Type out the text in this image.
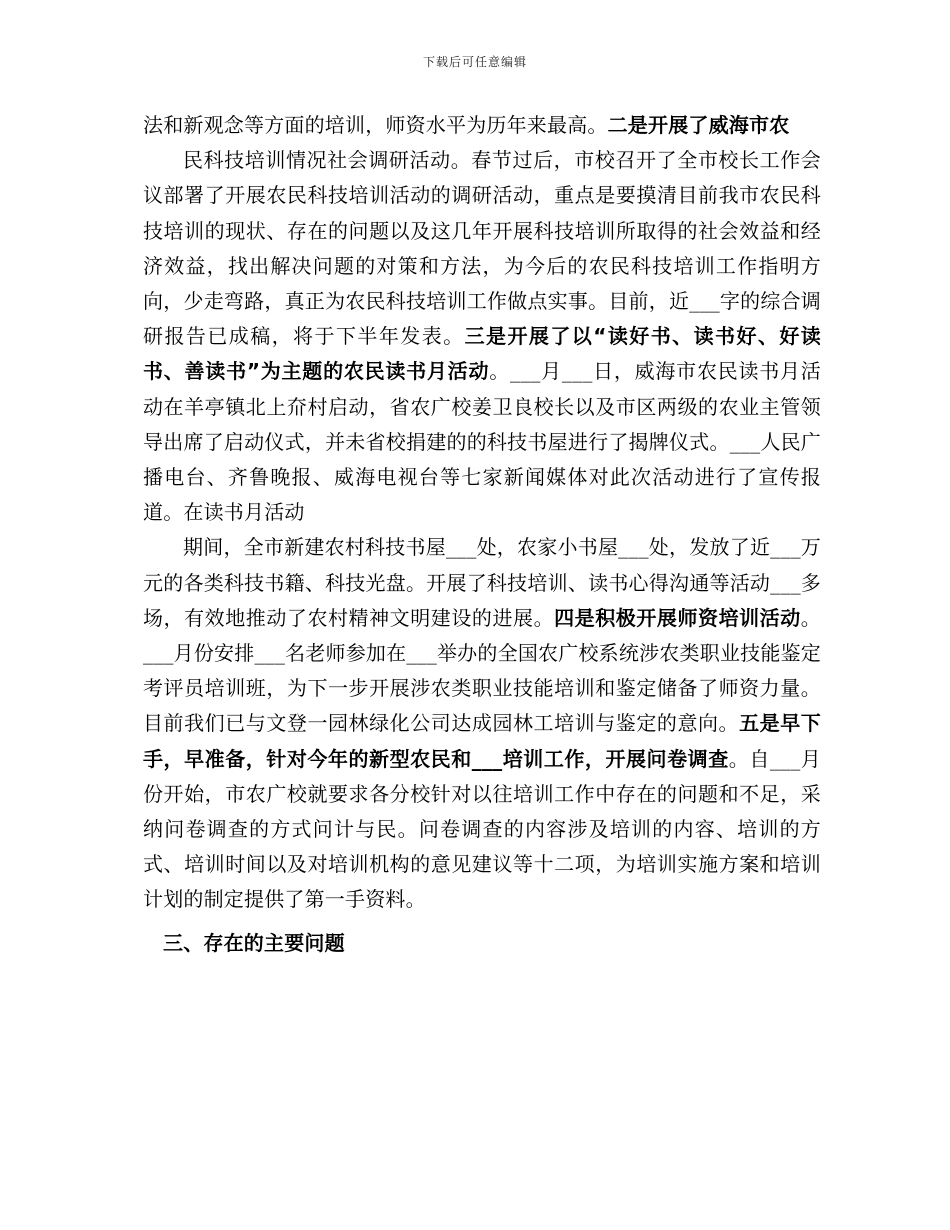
下载后可任意编辑

法和新观念等方面的培训，师资水平为历年来最高。二是开展了威海市农

民科技培训情况社会调研活动。春节过后，市校召开了全市校长工作会议部署了开展农民科技培训活动的调研活动，重点是要摸清目前我市农民科技培训的现状、存在的问题以及这几年开展科技培训所取得的社会效益和经济效益，找出解决问题的对策和方法，为今后的农民科技培训工作指明方向，少走弯路，真正为农民科技培训工作做点实事。目前，近___字的综合调研报告已成稿，将于下半年发表。三是开展了以“读好书、读书好、好读书、善读书”为主题的农民读书月活动。___月___日，威海市农民读书月活动在羊亭镇北上夼村启动，省农广校姜卫良校长以及市区两级的农业主管领导出席了启动仪式，并未省校捐建的的科技书屋进行了揭牌仪式。___人民广播电台、齐鲁晚报、威海电视台等七家新闻媒体对此次活动进行了宣传报道。在读书月活动

期间，全市新建农村科技书屋___处，农家小书屋___处，发放了近___万元的各类科技书籍、科技光盘。开展了科技培训、读书心得沟通等活动___多场，有效地推动了农村精神文明建设的进展。四是积极开展师资培训活动。___月份安排___名老师参加在___举办的全国农广校系统涉农类职业技能鉴定考评员培训班，为下一步开展涉农类职业技能培训和鉴定储备了师资力量。目前我们已与文登一园林绿化公司达成园林工培训与鉴定的意向。五是早下手，早准备，针对今年的新型农民和___培训工作，开展问卷调查。自___月份开始，市农广校就要求各分校针对以往培训工作中存在的问题和不足，采纳问卷调查的方式问计与民。问卷调查的内容涉及培训的内容、培训的方式、培训时间以及对培训机构的意见建议等十二项，为培训实施方案和培训计划的制定提供了第一手资料。

三、存在的主要问题
